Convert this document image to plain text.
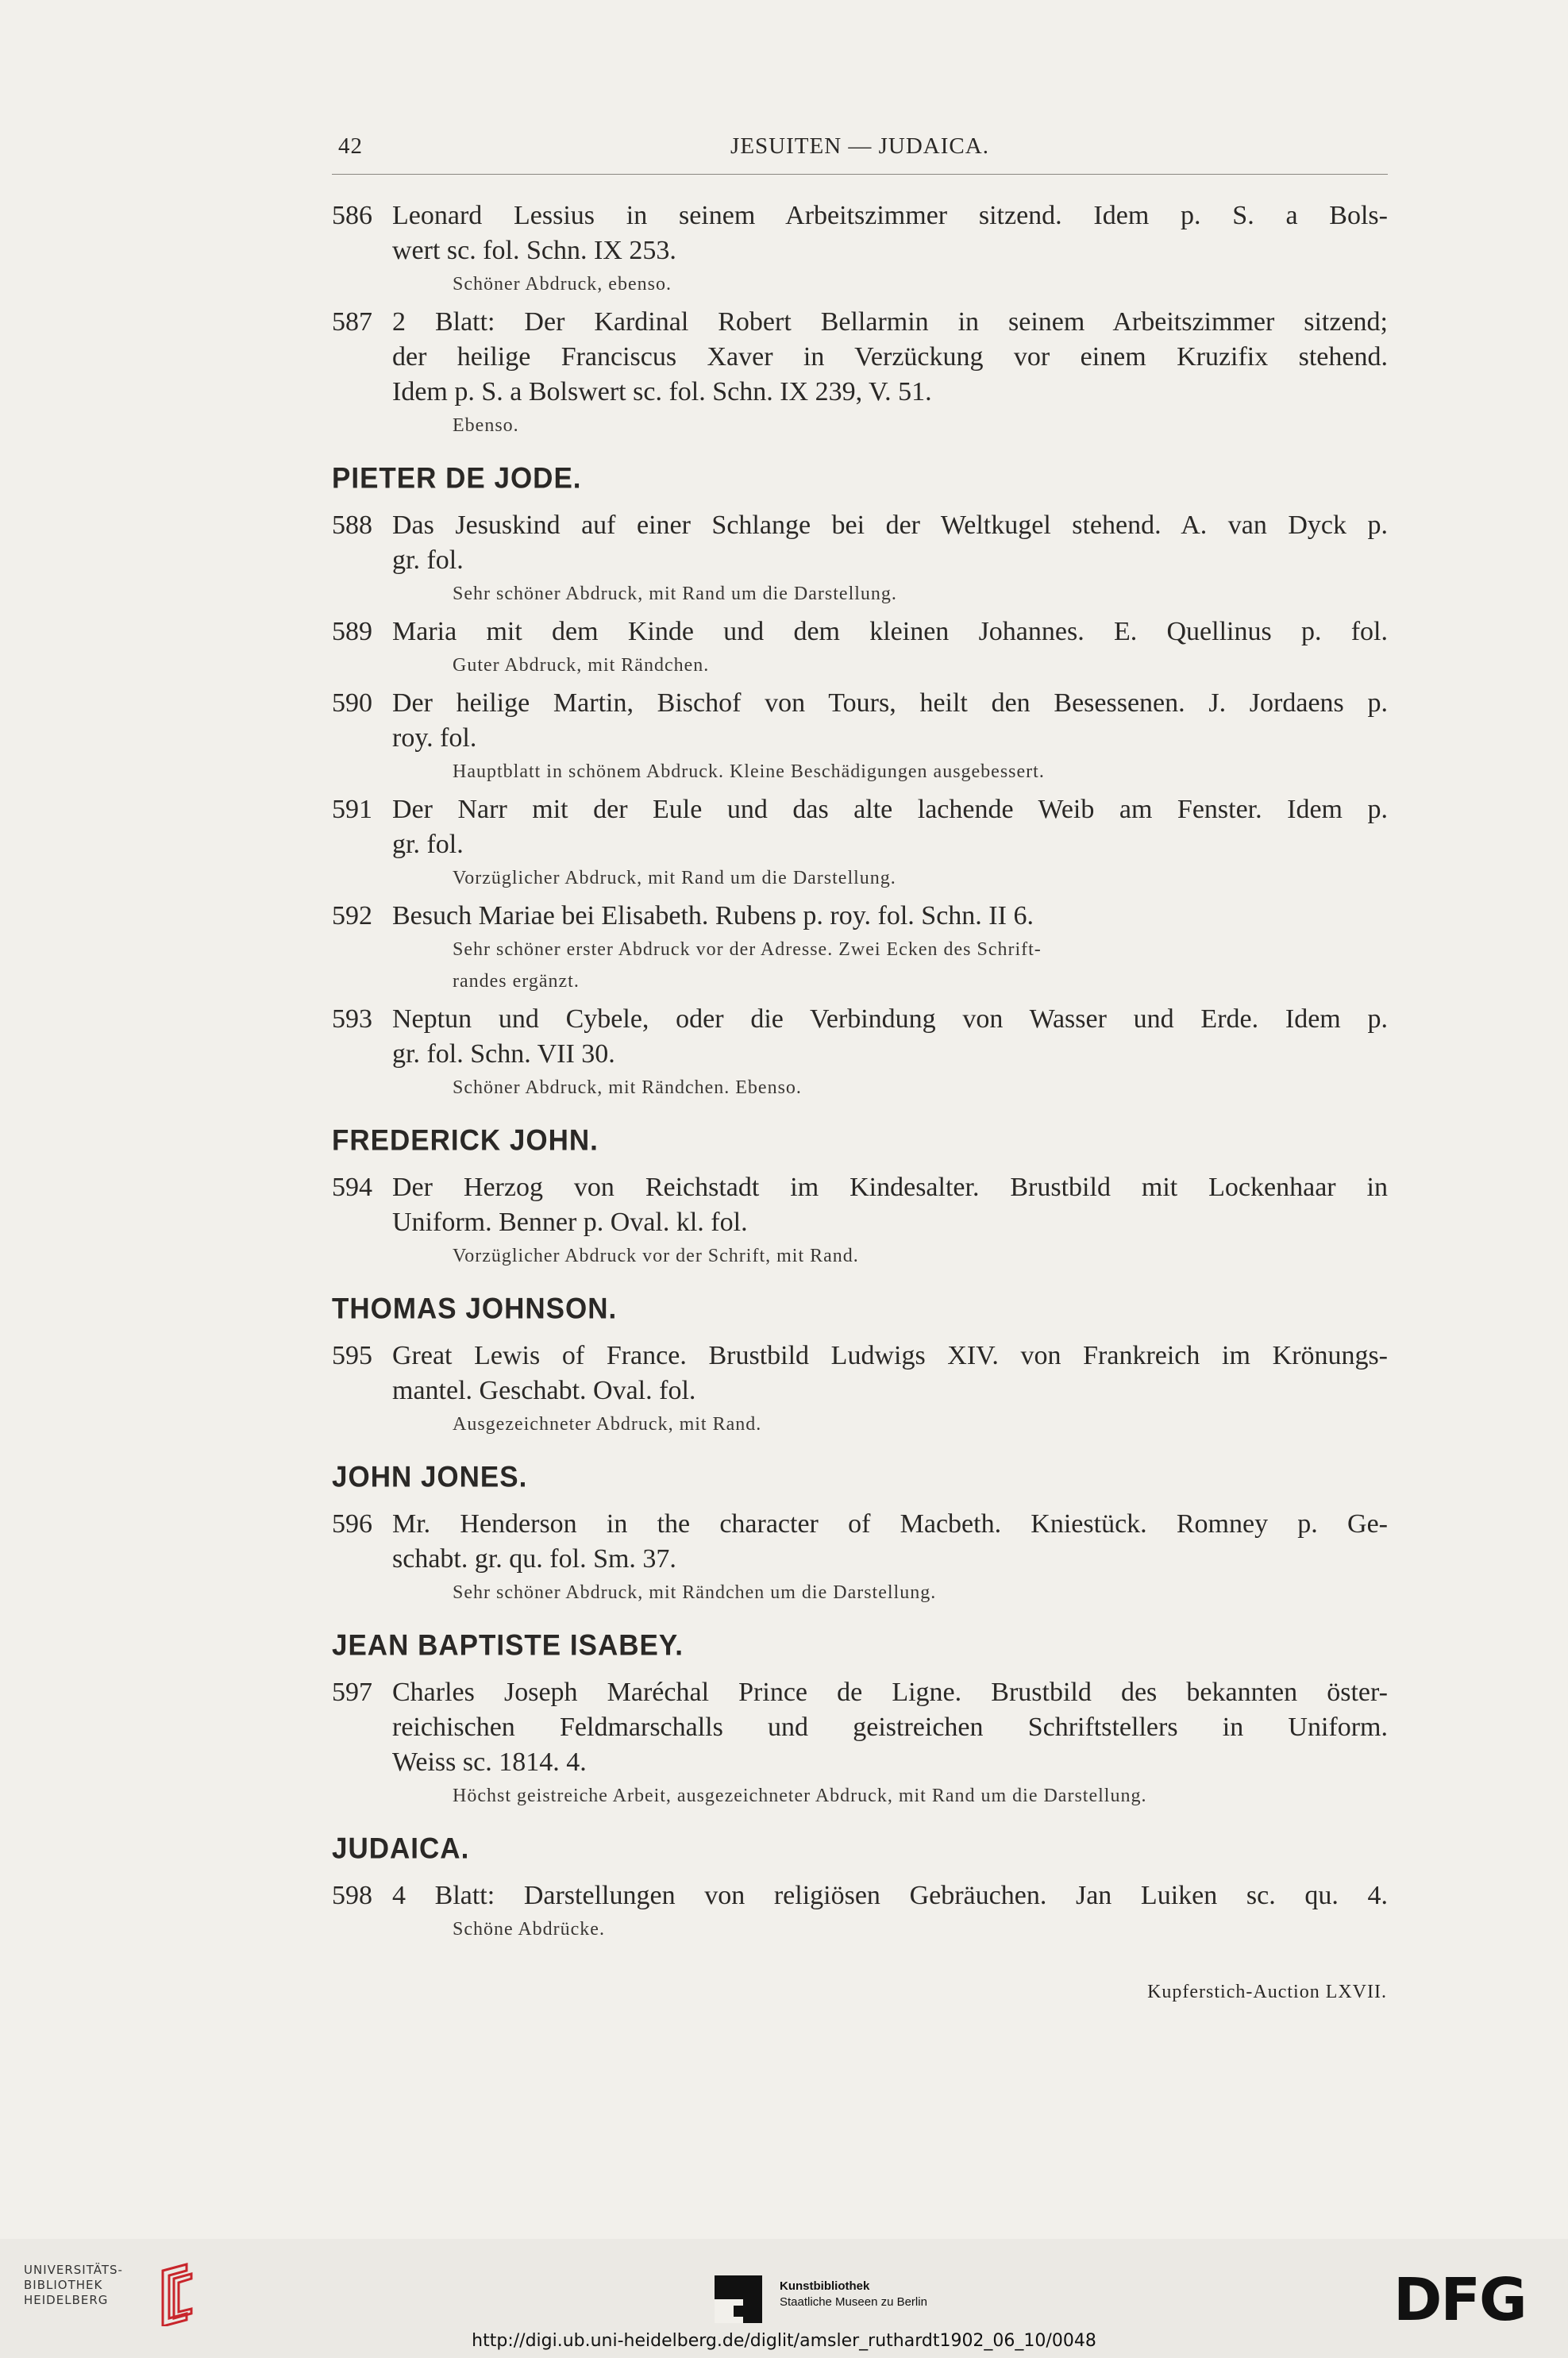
42	JESUITEN — JUDAICA.
586 Leonard Lessius in seinem Arbeitszimmer sitzend. Idem p. S. a Bols-
wert sc. fol. Schn. IX 253.
Schöner Abdruck, ebenso.
587 2 Blatt: Der Kardinal Robert Bellarmin in seinem Arbeitszimmer sitzend;
der heilige Franciscus Xaver in Verzückung vor einem Kruzifix stehend.
Idem p. S. a Bolswert sc. fol. Schn. IX 239, V. 51.
Ebenso.
PIETER DE JODE.
588 Das Jesuskind auf einer Schlange bei der Weltkugel stehend. A. van Dyck p.
gr. fol.
Sehr schöner Abdruck, mit Rand um die Darstellung.
589 Maria mit dem Kinde und dem kleinen Johannes. E. Quellinus p. fol.
Guter Abdruck, mit Rändchen.
590 Der heilige Martin, Bischof von Tours, heilt den Besessenen. J. Jordaens p.
roy. fol.
Hauptblatt in schönem Abdruck. Kleine Beschädigungen ausgebessert.
591 Der Narr mit der Eule und das alte lachende Weib am Fenster. Idem p.
gr. fol.
Vorzüglicher Abdruck, mit Rand um die Darstellung.
592 Besuch Mariae bei Elisabeth. Rubens p. roy. fol. Schn. II 6.
Sehr schöner erster Abdruck vor der Adresse. Zwei Ecken des Schrift-
randes ergänzt.
593 Neptun und Cybele, oder die Verbindung von Wasser und Erde. Idem p.
gr. fol. Schn. VII 30.
Schöner Abdruck, mit Rändchen. Ebenso.
FREDERICK JOHN.
594 Der Herzog von Reichstadt im Kindesalter. Brustbild mit Lockenhaar in
Uniform. Benner p. Oval. kl. fol.
Vorzüglicher Abdruck vor der Schrift, mit Rand.
THOMAS JOHNSON.
595 Great Lewis of France. Brustbild Ludwigs XIV. von Frankreich im Krönungs-
mantel. Geschabt. Oval. fol.
Ausgezeichneter Abdruck, mit Rand.
JOHN JONES.
596 Mr. Henderson in the character of Macbeth. Kniestück. Romney p. Ge-
schabt. gr. qu. fol. Sm. 37.
Sehr schöner Abdruck, mit Rändchen um die Darstellung.
JEAN BAPTISTE ISABEY.
597 Charles Joseph Maréchal Prince de Ligne. Brustbild des bekannten öster-
reichischen Feldmarschalls und geistreichen Schriftstellers in Uniform.
Weiss sc. 1814. 4.
Höchst geistreiche Arbeit, ausgezeichneter Abdruck, mit Rand um die Darstellung.
JUDAICA.
598 4 Blatt: Darstellungen von religiösen Gebräuchen. Jan Luiken sc. qu. 4.
Schöne Abdrücke.
Kupferstich-Auction LXVII.
UNIVERSITÄTS-
BIBLIOTHEK
HEIDELBERG
Kunstbibliothek
Staatliche Museen zu Berlin	DFG
http://digi.ub.uni-heidelberg.de/diglit/amsler_ruthardt1902_06_10/0048
